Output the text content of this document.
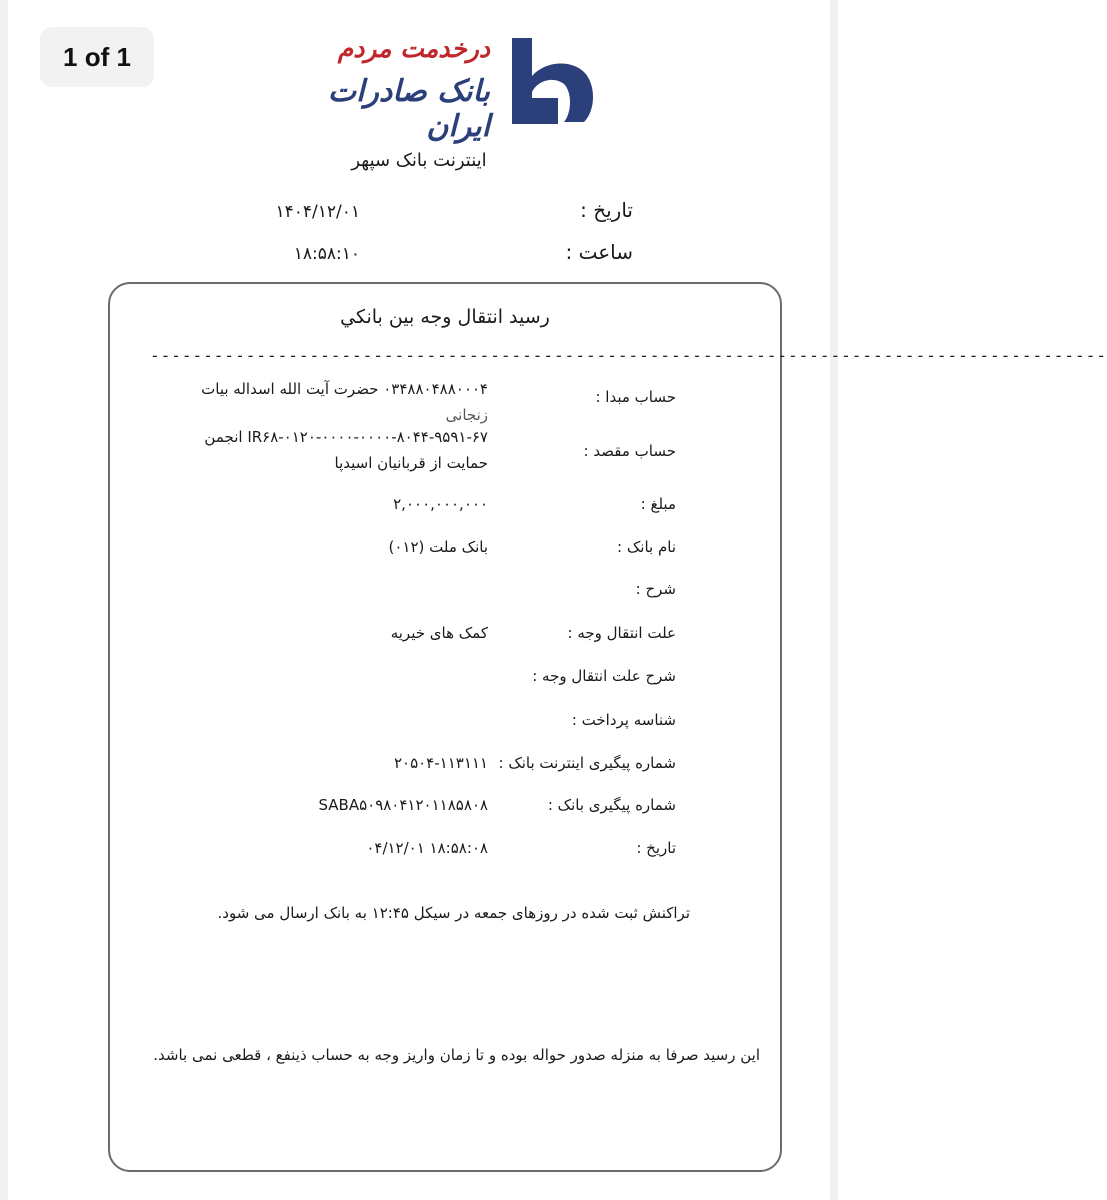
1 of 1	درخدمت مردم
بانک صادرات ایران
اینترنت بانک سپهر
تاریخ :
۱۴۰۴/۱۲/۰۱
ساعت :
۱۸:۵۸:۱۰
رسيد انتقال وجه بين بانکي
------------------------------------------------------------------------------------------
حساب مبدا :
۰۳۴۸۸۰۴۸۸۰۰۰۴ حضرت آیت الله اسداله بیات
زنجانی
حساب مقصد :
IR۶۸-۰۱۲۰-۰۰۰۰-۰۰۰۰-۸۰۴۴-۹۵۹۱-۶۷ انجمن
حمایت از قربانیان اسیدپا
مبلغ :
۲,۰۰۰,۰۰۰,۰۰۰
نام بانک :
بانک ملت (۰۱۲)
شرح :
علت انتقال وجه :
کمک های خیریه
شرح علت انتقال وجه :
شناسه پرداخت :
شماره پیگیری اینترنت بانک :
۲۰۵۰۴-۱۱۳۱۱۱
شماره پیگیری بانک :
SABA۵۰۹۸۰۴۱۲۰۱۱۸۵۸۰۸
تاریخ :
۰۴/۱۲/۰۱ ۱۸:۵۸:۰۸
تراکنش ثبت شده در روزهای جمعه در سیکل ۱۲:۴۵ به بانک ارسال می شود.
این رسید صرفا به منزله صدور حواله بوده و تا زمان واریز وجه به حساب ذینفع ، قطعی نمی باشد.
